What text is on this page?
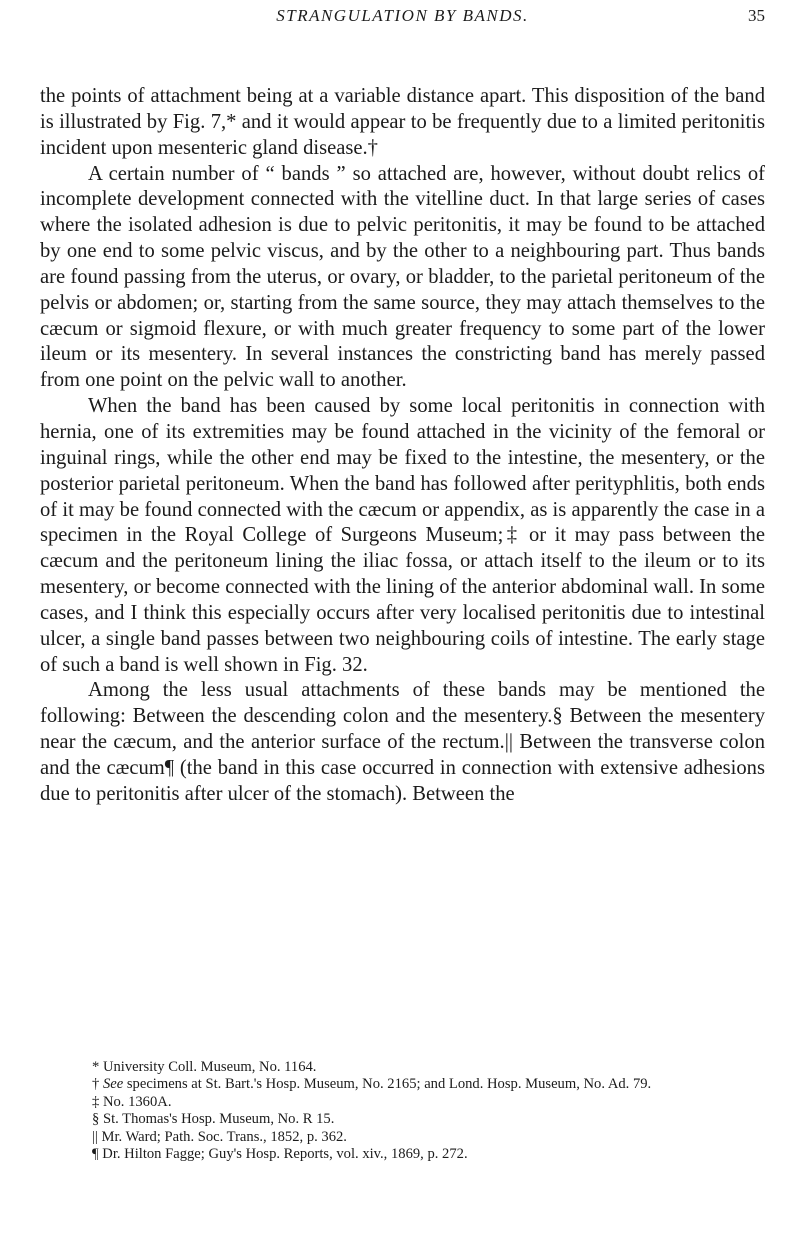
STRANGULATION BY BANDS.	35

the points of attachment being at a variable distance apart. This disposition of the band is illustrated by Fig. 7,* and it would appear to be frequently due to a limited peritonitis incident upon mesenteric gland disease.†

A certain number of “ bands ” so attached are, however, without doubt relics of incomplete development connected with the vitelline duct. In that large series of cases where the isolated adhesion is due to pelvic peritonitis, it may be found to be attached by one end to some pelvic viscus, and by the other to a neighbouring part. Thus bands are found passing from the uterus, or ovary, or bladder, to the parietal peritoneum of the pelvis or abdomen; or, starting from the same source, they may attach themselves to the cæcum or sigmoid flexure, or with much greater frequency to some part of the lower ileum or its mesentery. In several instances the constricting band has merely passed from one point on the pelvic wall to another.

When the band has been caused by some local peritonitis in connection with hernia, one of its extremities may be found attached in the vicinity of the femoral or inguinal rings, while the other end may be fixed to the intestine, the mesentery, or the posterior parietal peritoneum. When the band has followed after perityphlitis, both ends of it may be found connected with the cæcum or appendix, as is apparently the case in a specimen in the Royal College of Surgeons Museum;‡ or it may pass between the cæcum and the peritoneum lining the iliac fossa, or attach itself to the ileum or to its mesentery, or become connected with the lining of the anterior abdominal wall. In some cases, and I think this especially occurs after very localised peritonitis due to intestinal ulcer, a single band passes between two neighbouring coils of intestine. The early stage of such a band is well shown in Fig. 32.

Among the less usual attachments of these bands may be mentioned the following: Between the descending colon and the mesentery.§ Between the mesentery near the cæcum, and the anterior surface of the rectum.|| Between the transverse colon and the cæcum¶ (the band in this case occurred in connection with extensive adhesions due to peritonitis after ulcer of the stomach). Between the

* University Coll. Museum, No. 1164.

† See specimens at St. Bart.'s Hosp. Museum, No. 2165; and Lond. Hosp. Museum, No. Ad. 79.

‡ No. 1360A.

§ St. Thomas's Hosp. Museum, No. R 15.

|| Mr. Ward; Path. Soc. Trans., 1852, p. 362.

¶ Dr. Hilton Fagge; Guy's Hosp. Reports, vol. xiv., 1869, p. 272.
